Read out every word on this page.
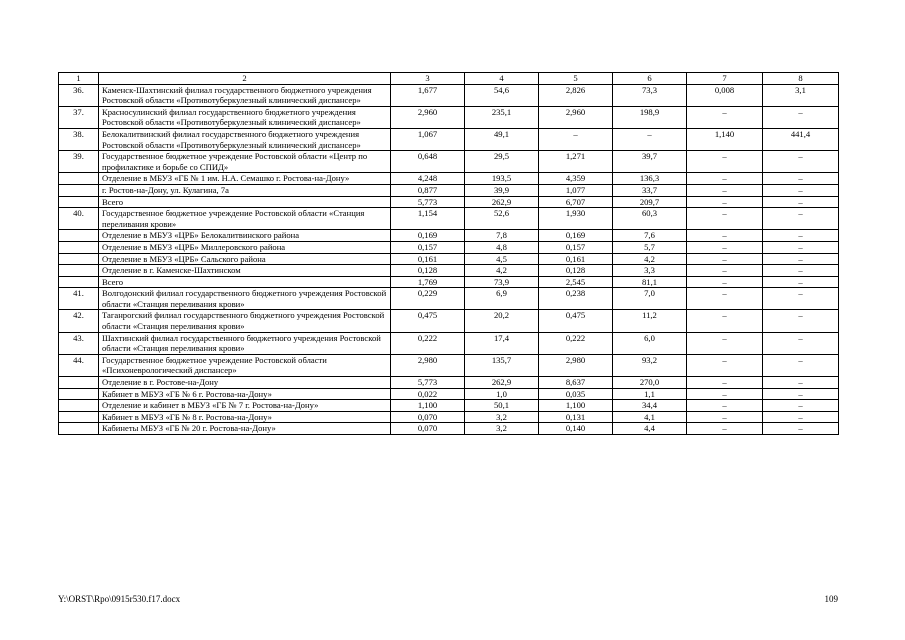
1	2	3	4	5	6	7	8
36.	Каменск-Шахтинский филиал государственного бюджетного учреждения Ростовской области «Противотуберкулезный клинический диспансер»	1,677	54,6	2,826	73,3	0,008	3,1
37.	Красносулинский филиал государственного бюджетного учреждения Ростовской области «Противотуберкулезный клинический диспансер»	2,960	235,1	2,960	198,9	–	–
38.	Белокалитвинский филиал государственного бюджетного учреждения Ростовской области «Противотуберкулезный клинический диспансер»	1,067	49,1	–	–	1,140	441,4
39.	Государственное бюджетное учреждение Ростовской области «Центр по профилактике и борьбе со СПИД»	0,648	29,5	1,271	39,7	–	–
	Отделение в МБУЗ «ГБ № 1 им. Н.А. Семашко г. Ростова-на-Дону»	4,248	193,5	4,359	136,3	–	–
	г. Ростов-на-Дону, ул. Кулагина, 7а	0,877	39,9	1,077	33,7	–	–
	Всего	5,773	262,9	6,707	209,7	–	–
40.	Государственное бюджетное учреждение Ростовской области «Станция переливания крови»	1,154	52,6	1,930	60,3	–	–
	Отделение в МБУЗ «ЦРБ» Белокалитвинского района	0,169	7,8	0,169	7,6	–	–
	Отделение в МБУЗ «ЦРБ» Миллеровского района	0,157	4,8	0,157	5,7	–	–
	Отделение в МБУЗ «ЦРБ» Сальского района	0,161	4,5	0,161	4,2	–	–
	Отделение в г. Каменске-Шахтинском	0,128	4,2	0,128	3,3	–	–
	Всего	1,769	73,9	2,545	81,1	–	–
41.	Волгодонский филиал государственного бюджетного учреждения Ростовской области «Станция переливания крови»	0,229	6,9	0,238	7,0	–	–
42.	Таганрогский филиал государственного бюджетного учреждения Ростовской области «Станция переливания крови»	0,475	20,2	0,475	11,2	–	–
43.	Шахтинский филиал государственного бюджетного учреждения Ростовской области «Станция переливания крови»	0,222	17,4	0,222	6,0	–	–
44.	Государственное бюджетное учреждение Ростовской области «Психоневрологический диспансер»	2,980	135,7	2,980	93,2	–	–
	Отделение в г. Ростове-на-Дону	5,773	262,9	8,637	270,0	–	–
	Кабинет в МБУЗ «ГБ № 6 г. Ростова-на-Дону»	0,022	1,0	0,035	1,1	–	–
	Отделение и кабинет в МБУЗ «ГБ № 7 г. Ростова-на-Дону»	1,100	50,1	1,100	34,4	–	–
	Кабинет в МБУЗ «ГБ № 8 г. Ростова-на-Дону»	0,070	3,2	0,131	4,1	–	–
	Кабинеты МБУЗ «ГБ № 20 г. Ростова-на-Дону»	0,070	3,2	0,140	4,4	–	–
Y:\ORST\Rpo\0915r530.f17.docx	109
